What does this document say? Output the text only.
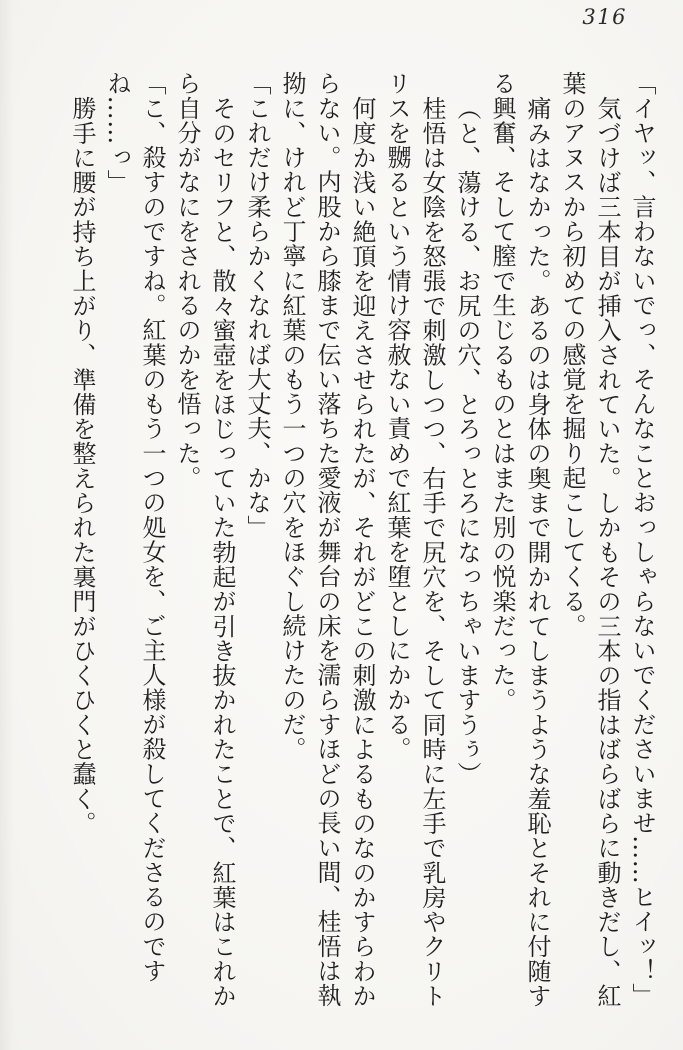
316

「イヤッ、言わないでっ、そんなことおっしゃらないでくださいませ……ヒイッ！」

気づけば三本目が挿入されていた。しかもその三本の指はばらばらに動きだし、紅葉のアヌスから初めての感覚を掘り起こしてくる。

痛みはなかった。あるのは身体の奥まで開かれてしまうような羞恥とそれに付随する興奮、そして膣で生じるものとはまた別の悦楽だった。

（と、蕩ける、お尻の穴、とろっとろになっちゃいますうぅ）

桂悟は女陰を怒張で刺激しつつ、右手で尻穴を、そして同時に左手で乳房やクリトリスを嬲るという情け容赦ない責めで紅葉を堕としにかかる。

何度か浅い絶頂を迎えさせられたが、それがどこの刺激によるものなのかすらわからない。内股から膝まで伝い落ちた愛液が舞台の床を濡らすほどの長い間、桂悟は執拗に、けれど丁寧に紅葉のもう一つの穴をほぐし続けたのだ。

「これだけ柔らかくなれば大丈夫、かな」

そのセリフと、散々蜜壺をほじっていた勃起が引き抜かれたことで、紅葉はこれから自分がなにをされるのかを悟った。

「こ、殺すのですね。紅葉のもう一つの処女を、ご主人様が殺してくださるのですね……っ」

勝手に腰が持ち上がり、準備を整えられた裏門がひくひくと蠢く。
